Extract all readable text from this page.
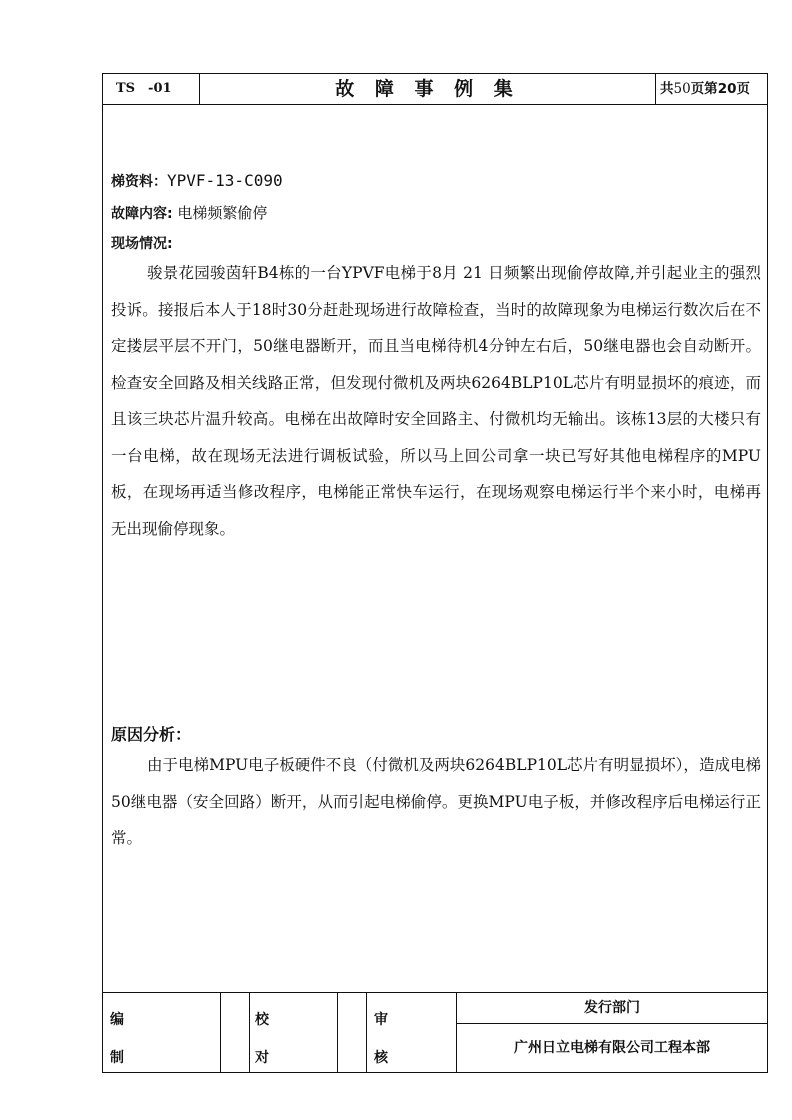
TS　-01	故 障 事 例 集	共50页第20页
梯资料：YPVF-13-C090
故障内容: 电梯频繁偷停
现场情况:
骏景花园骏茵轩B4栋的一台YPVF电梯于8月 21 日频繁出现偷停故障,并引起业主的强烈投诉。接报后本人于18时30分赶赴现场进行故障检查，当时的故障现象为电梯运行数次后在不定搂层平层不开门，50继电器断开，而且当电梯待机4分钟左右后，50继电器也会自动断开。检查安全回路及相关线路正常，但发现付微机及两块6264BLP10L芯片有明显损坏的痕迹，而且该三块芯片温升较高。电梯在出故障时安全回路主、付微机均无输出。该栋13层的大楼只有一台电梯，故在现场无法进行调板试验，所以马上回公司拿一块已写好其他电梯程序的MPU板，在现场再适当修改程序，电梯能正常快车运行，在现场观察电梯运行半个来小时，电梯再无出现偷停现象。
原因分析：
由于电梯MPU电子板硬件不良（付微机及两块6264BLP10L芯片有明显损坏），造成电梯50继电器（安全回路）断开，从而引起电梯偷停。更换MPU电子板，并修改程序后电梯运行正常。
编
制
校
对
审
核
发行部门
广州日立电梯有限公司工程本部
